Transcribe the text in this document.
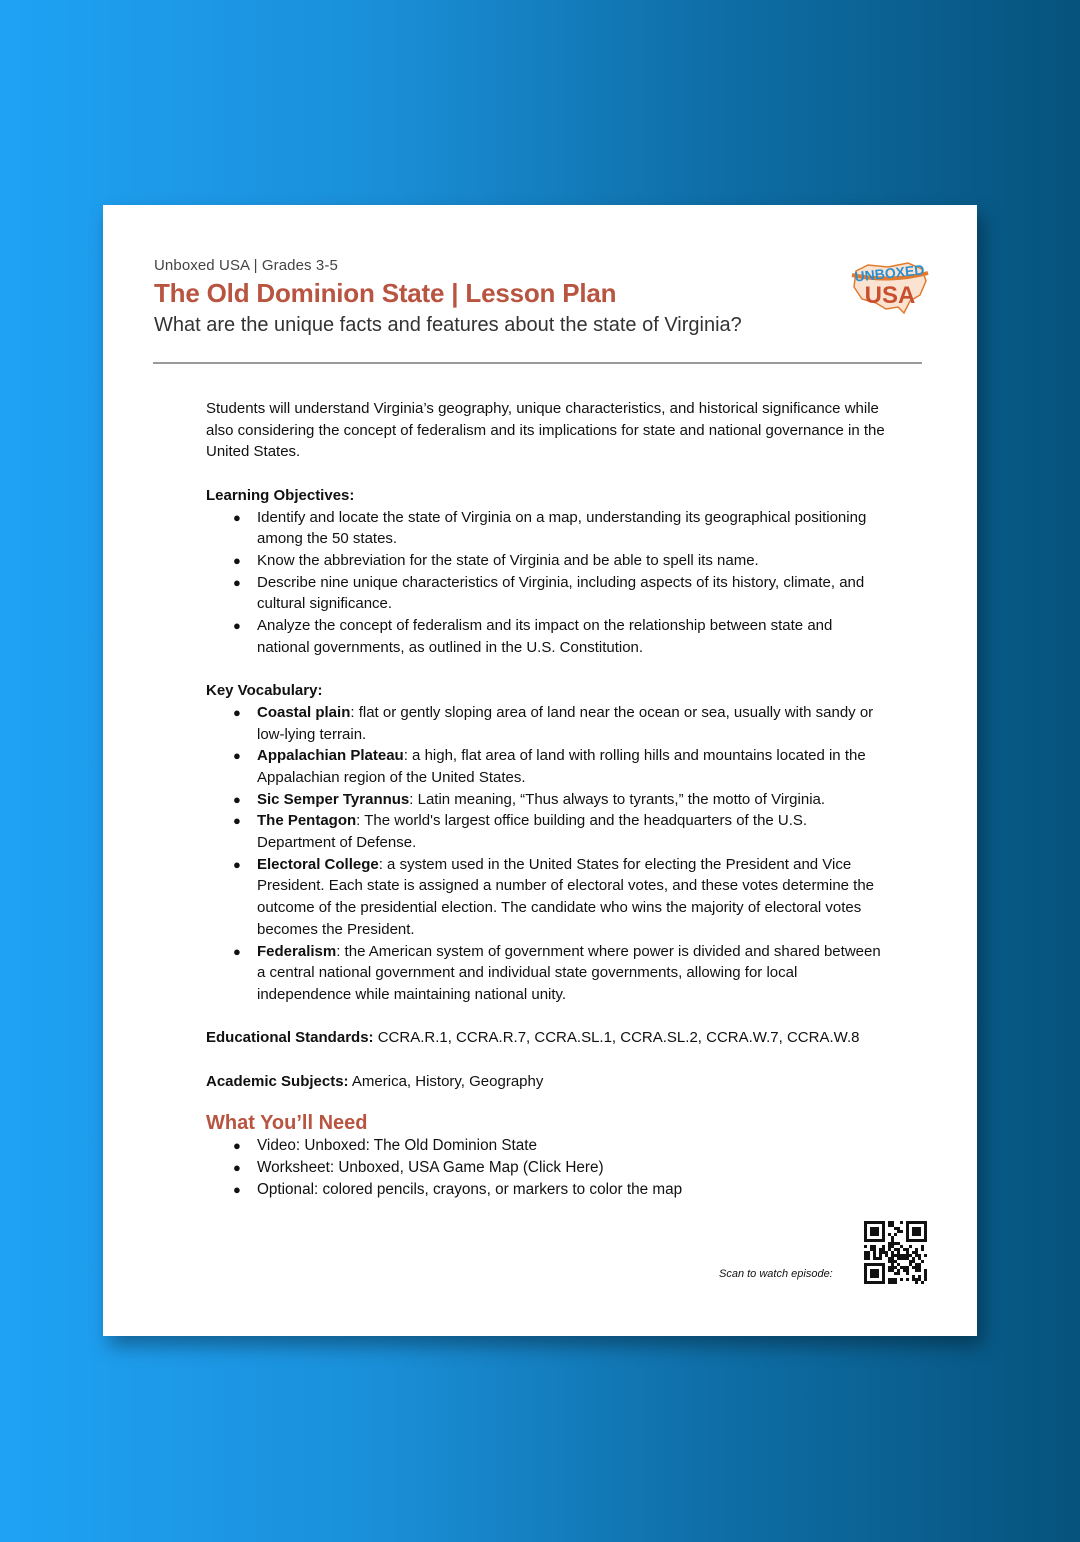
Unboxed USA | Grades 3-5
The Old Dominion State | Lesson Plan
What are the unique facts and features about the state of Virginia?
UNBOXED
USA

Students will understand Virginia’s geography, unique characteristics, and historical significance while also considering the concept of federalism and its implications for state and national governance in the United States.

Learning Objectives:

● Identify and locate the state of Virginia on a map, understanding its geographical positioning among the 50 states.
● Know the abbreviation for the state of Virginia and be able to spell its name.
● Describe nine unique characteristics of Virginia, including aspects of its history, climate, and cultural significance.
● Analyze the concept of federalism and its impact on the relationship between state and national governments, as outlined in the U.S. Constitution.

Key Vocabulary:

● Coastal plain: flat or gently sloping area of land near the ocean or sea, usually with sandy or low-lying terrain.
● Appalachian Plateau: a high, flat area of land with rolling hills and mountains located in the Appalachian region of the United States.
● Sic Semper Tyrannus: Latin meaning, “Thus always to tyrants,” the motto of Virginia.
● The Pentagon: The world's largest office building and the headquarters of the U.S. Department of Defense.
● Electoral College: a system used in the United States for electing the President and Vice President. Each state is assigned a number of electoral votes, and these votes determine the outcome of the presidential election. The candidate who wins the majority of electoral votes becomes the President.
● Federalism: the American system of government where power is divided and shared between a central national government and individual state governments, allowing for local independence while maintaining national unity.

Educational Standards: CCRA.R.1, CCRA.R.7, CCRA.SL.1, CCRA.SL.2, CCRA.W.7, CCRA.W.8

Academic Subjects: America, History, Geography

What You’ll Need
● Video: Unboxed: The Old Dominion State
● Worksheet: Unboxed, USA Game Map (Click Here)
● Optional: colored pencils, crayons, or markers to color the map
Scan to watch episode:
